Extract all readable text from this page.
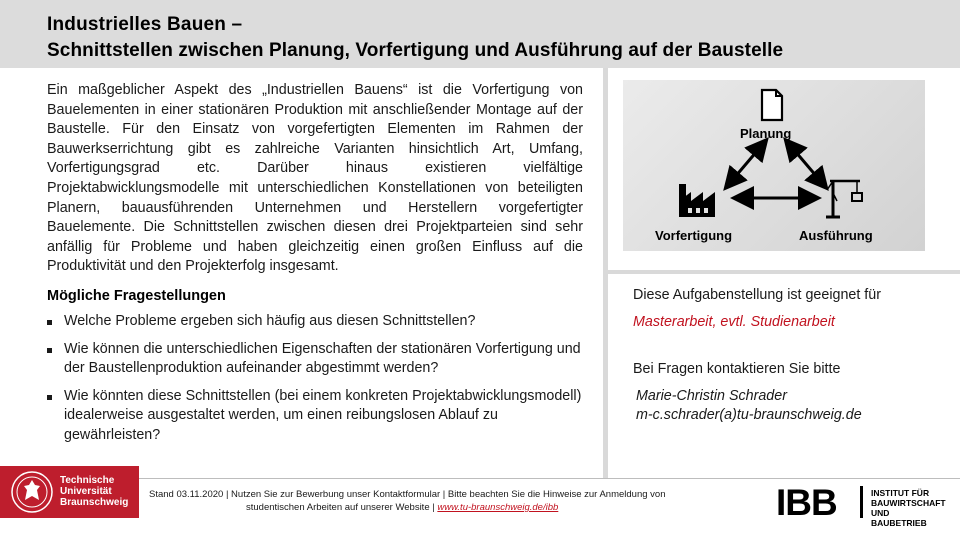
Industrielles Bauen –
Schnittstellen zwischen Planung, Vorfertigung und Ausführung auf der Baustelle
Ein maßgeblicher Aspekt des „Industriellen Bauens“ ist die Vorfertigung von Bauelementen in einer stationären Produktion mit anschließender Montage auf der Baustelle. Für den Einsatz von vorgefertigten Elementen im Rahmen der Bauwerkserrichtung gibt es zahlreiche Varianten hinsichtlich Art, Umfang, Vorfertigungsgrad etc. Darüber hinaus existieren vielfältige Projektabwicklungsmodelle mit unterschiedlichen Konstellationen von beteiligten Planern, bauausführenden Unternehmen und Herstellern vorgefertigter Bauelemente. Die Schnittstellen zwischen diesen drei Projektparteien sind sehr anfällig für Probleme und haben gleichzeitig einen großen Einfluss auf die Produktivität und den Projekterfolg insgesamt.
Mögliche Fragestellungen
Welche Probleme ergeben sich häufig aus diesen Schnittstellen?
Wie können die unterschiedlichen Eigenschaften der stationären Vorfertigung und der Baustellenproduktion aufeinander abgestimmt werden?
Wie könnten diese Schnittstellen (bei einem konkreten Projektabwicklungsmodell) idealerweise ausgestaltet werden, um einen reibungslosen Ablauf zu gewährleisten?
Planung
Vorfertigung	Ausführung
Diese Aufgabenstellung ist geeignet für
Masterarbeit, evtl. Studienarbeit
Bei Fragen kontaktieren Sie bitte
Marie-Christin Schrader
m-c.schrader(a)tu-braunschweig.de
Technische
Universität
Braunschweig
Stand 03.11.2020 | Nutzen Sie zur Bewerbung unser Kontaktformular | Bitte beachten Sie die Hinweise zur Anmeldung von
studentischen Arbeiten auf unserer Website | www.tu-braunschweig.de/ibb	IBB	INSTITUT FÜR
BAUWIRTSCHAFT UND
BAUBETRIEB
